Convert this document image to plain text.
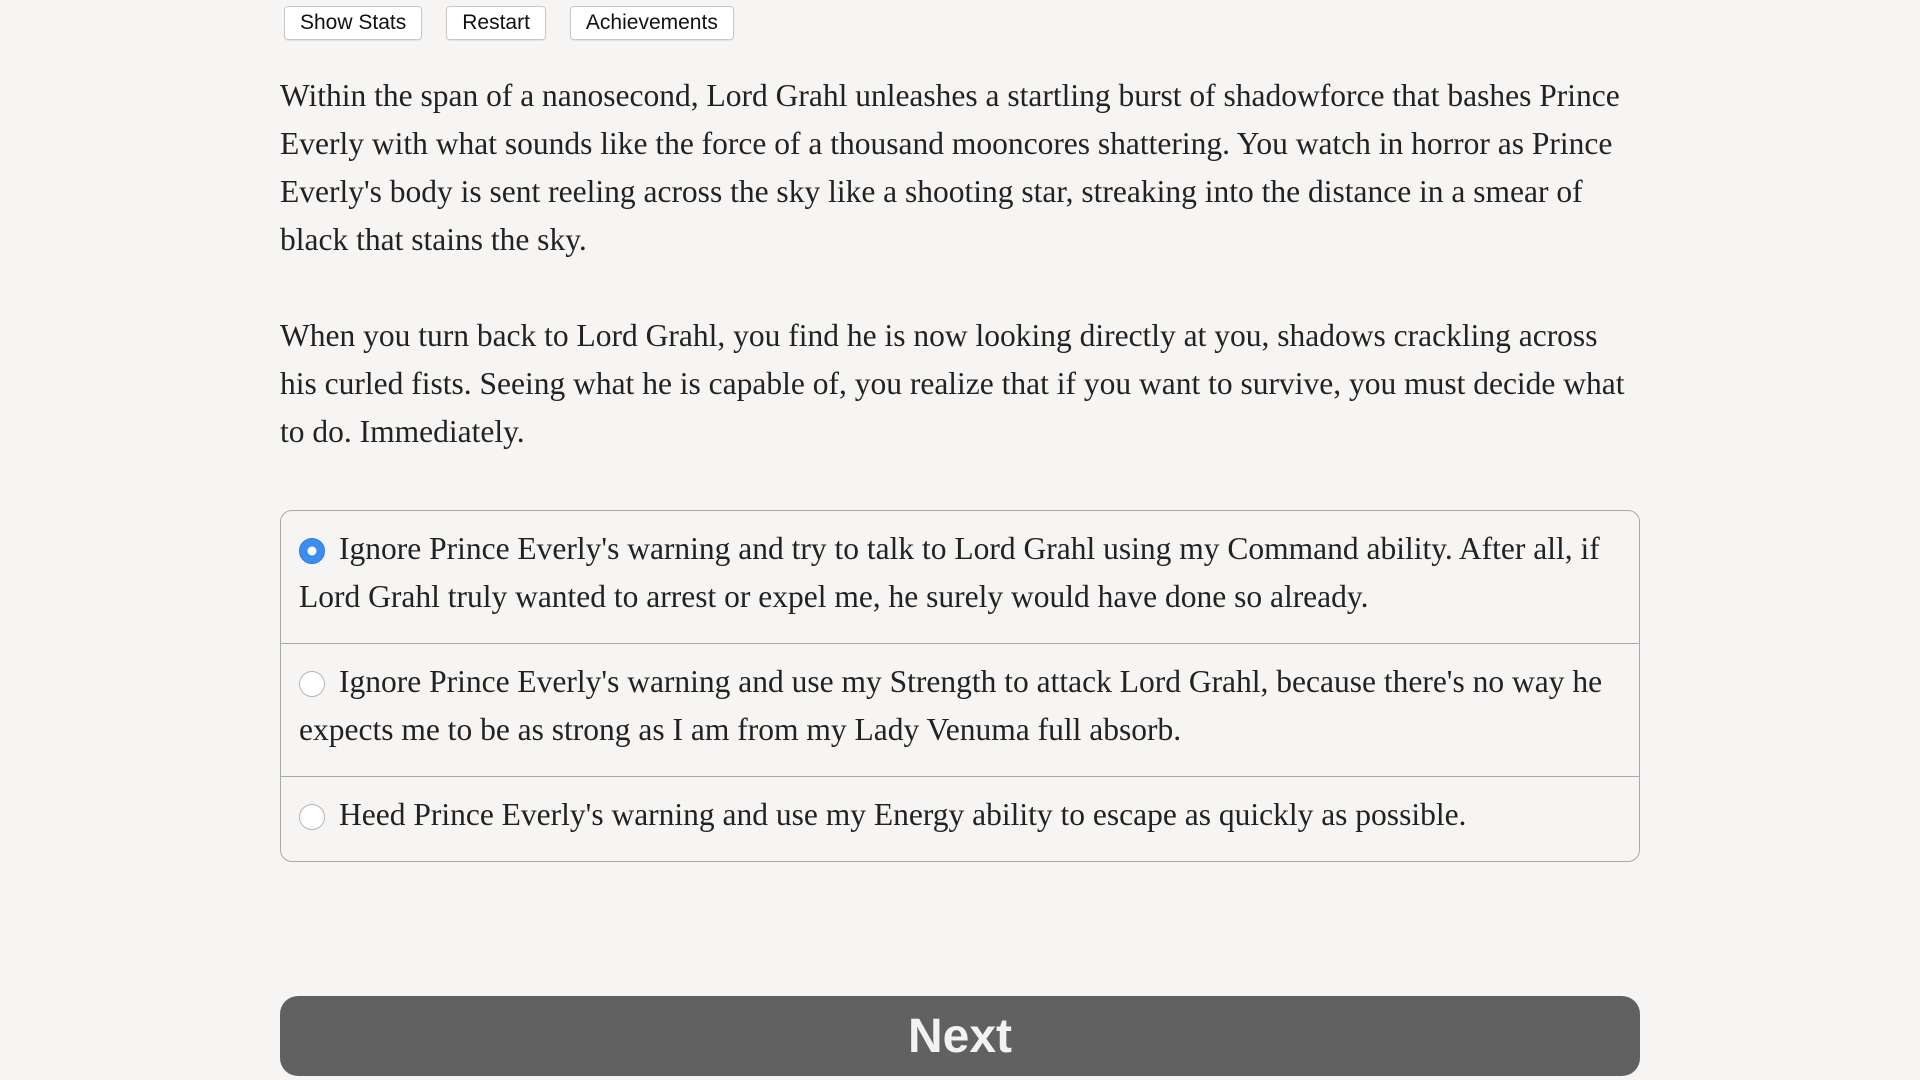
Show Stats	Restart	Achievements

Within the span of a nanosecond, Lord Grahl unleashes a startling burst of shadowforce that bashes Prince Everly with what sounds like the force of a thousand mooncores shattering. You watch in horror as Prince Everly's body is sent reeling across the sky like a shooting star, streaking into the distance in a smear of black that stains the sky.

When you turn back to Lord Grahl, you find he is now looking directly at you, shadows crackling across his curled fists. Seeing what he is capable of, you realize that if you want to survive, you must decide what to do. Immediately.

Ignore Prince Everly's warning and try to talk to Lord Grahl using my Command ability. After all, if Lord Grahl truly wanted to arrest or expel me, he surely would have done so already.
Ignore Prince Everly's warning and use my Strength to attack Lord Grahl, because there's no way he expects me to be as strong as I am from my Lady Venuma full absorb.
Heed Prince Everly's warning and use my Energy ability to escape as quickly as possible.
Next
